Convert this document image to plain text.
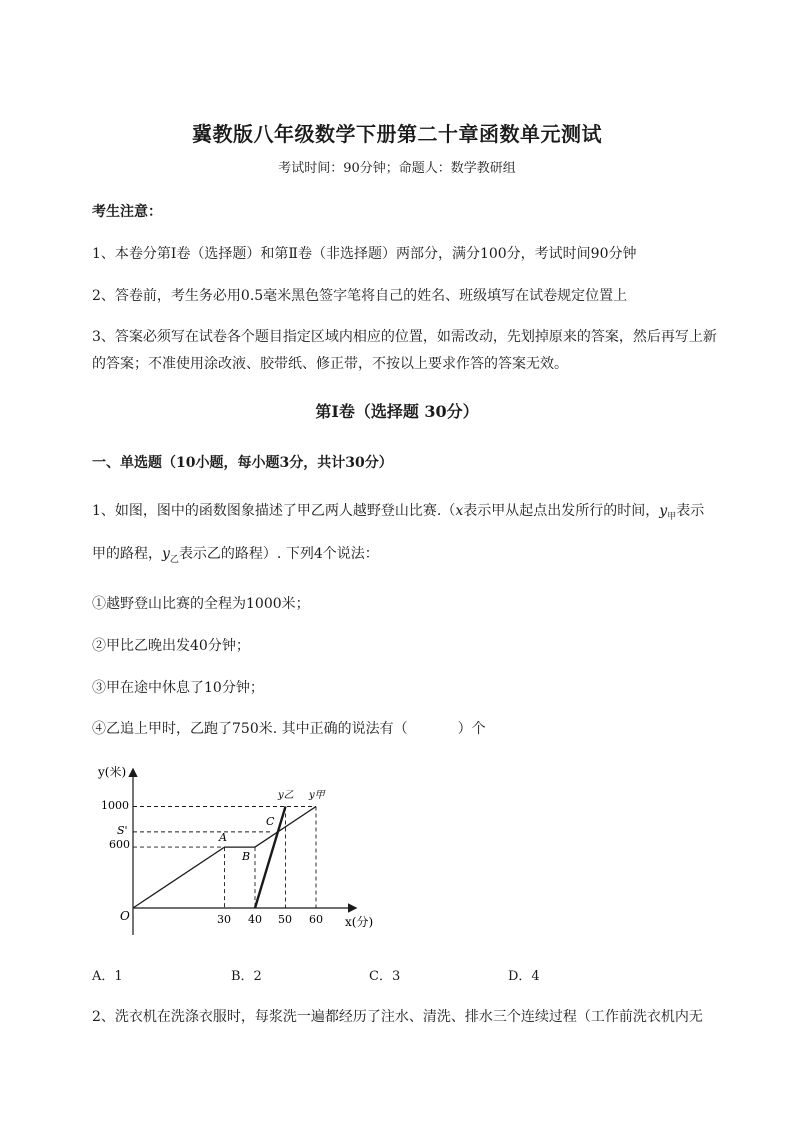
冀教版八年级数学下册第二十章函数单元测试
考试时间：90分钟；命题人：数学教研组
考生注意：
1、本卷分第I卷（选择题）和第Ⅱ卷（非选择题）两部分，满分100分，考试时间90分钟
2、答卷前，考生务必用0.5毫米黑色签字笔将自己的姓名、班级填写在试卷规定位置上
3、答案必须写在试卷各个题目指定区域内相应的位置，如需改动，先划掉原来的答案，然后再写上新
的答案；不准使用涂改液、胶带纸、修正带，不按以上要求作答的答案无效。
第I卷（选择题 30分）
一、单选题（10小题，每小题3分，共计30分）
1、如图，图中的函数图象描述了甲乙两人越野登山比赛.（x表示甲从起点出发所行的时间，$y_甲$表示
甲的路程，$y_乙$表示乙的路程）. 下列4个说法：
①越野登山比赛的全程为1000米；
②甲比乙晚出发40分钟；
③甲在途中休息了10分钟；
④乙追上甲时，乙跑了750米. 其中正确的说法有（	）个
y(米)
x(分)
O
1000
S'
600
30 40 50 60
A
B
C
y乙 y甲
A．1	B．2	C．3	D．4
2、洗衣机在洗涤衣服时，每浆洗一遍都经历了注水、清洗、排水三个连续过程（工作前洗衣机内无
